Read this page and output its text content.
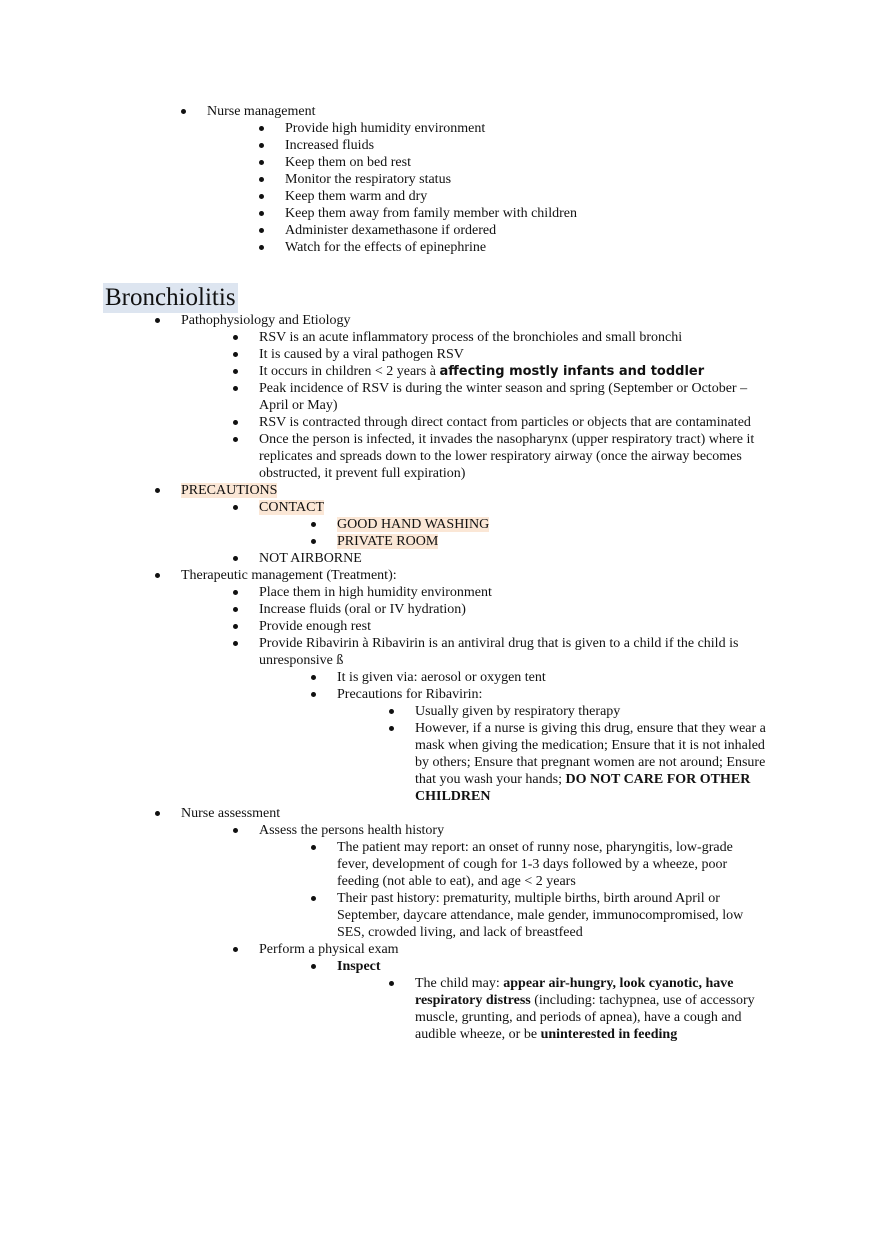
Nurse management
Provide high humidity environment
Increased fluids
Keep them on bed rest
Monitor the respiratory status
Keep them warm and dry
Keep them away from family member with children
Administer dexamethasone if ordered
Watch for the effects of epinephrine
Bronchiolitis
Pathophysiology and Etiology
RSV is an acute inflammatory process of the bronchioles and small bronchi
It is caused by a viral pathogen RSV
It occurs in children < 2 years à affecting mostly infants and toddler
Peak incidence of RSV is during the winter season and spring (September or October – April or May)
RSV is contracted through direct contact from particles or objects that are contaminated
Once the person is infected, it invades the nasopharynx (upper respiratory tract) where it replicates and spreads down to the lower respiratory airway (once the airway becomes obstructed, it prevent full expiration)
PRECAUTIONS
CONTACT
GOOD HAND WASHING
PRIVATE ROOM
NOT AIRBORNE
Therapeutic management (Treatment):
Place them in high humidity environment
Increase fluids (oral or IV hydration)
Provide enough rest
Provide Ribavirin à Ribavirin is an antiviral drug that is given to a child if the child is unresponsive ß
It is given via: aerosol or oxygen tent
Precautions for Ribavirin:
Usually given by respiratory therapy
However, if a nurse is giving this drug, ensure that they wear a mask when giving the medication; Ensure that it is not inhaled by others; Ensure that pregnant women are not around; Ensure that you wash your hands; DO NOT CARE FOR OTHER CHILDREN
Nurse assessment
Assess the persons health history
The patient may report: an onset of runny nose, pharyngitis, low-grade fever, development of cough for 1-3 days followed by a wheeze, poor feeding (not able to eat), and age < 2 years
Their past history: prematurity, multiple births, birth around April or September, daycare attendance, male gender, immunocompromised, low SES, crowded living, and lack of breastfeed
Perform a physical exam
Inspect
The child may: appear air-hungry, look cyanotic, have respiratory distress (including: tachypnea, use of accessory muscle, grunting, and periods of apnea), have a cough and audible wheeze, or be uninterested in feeding
